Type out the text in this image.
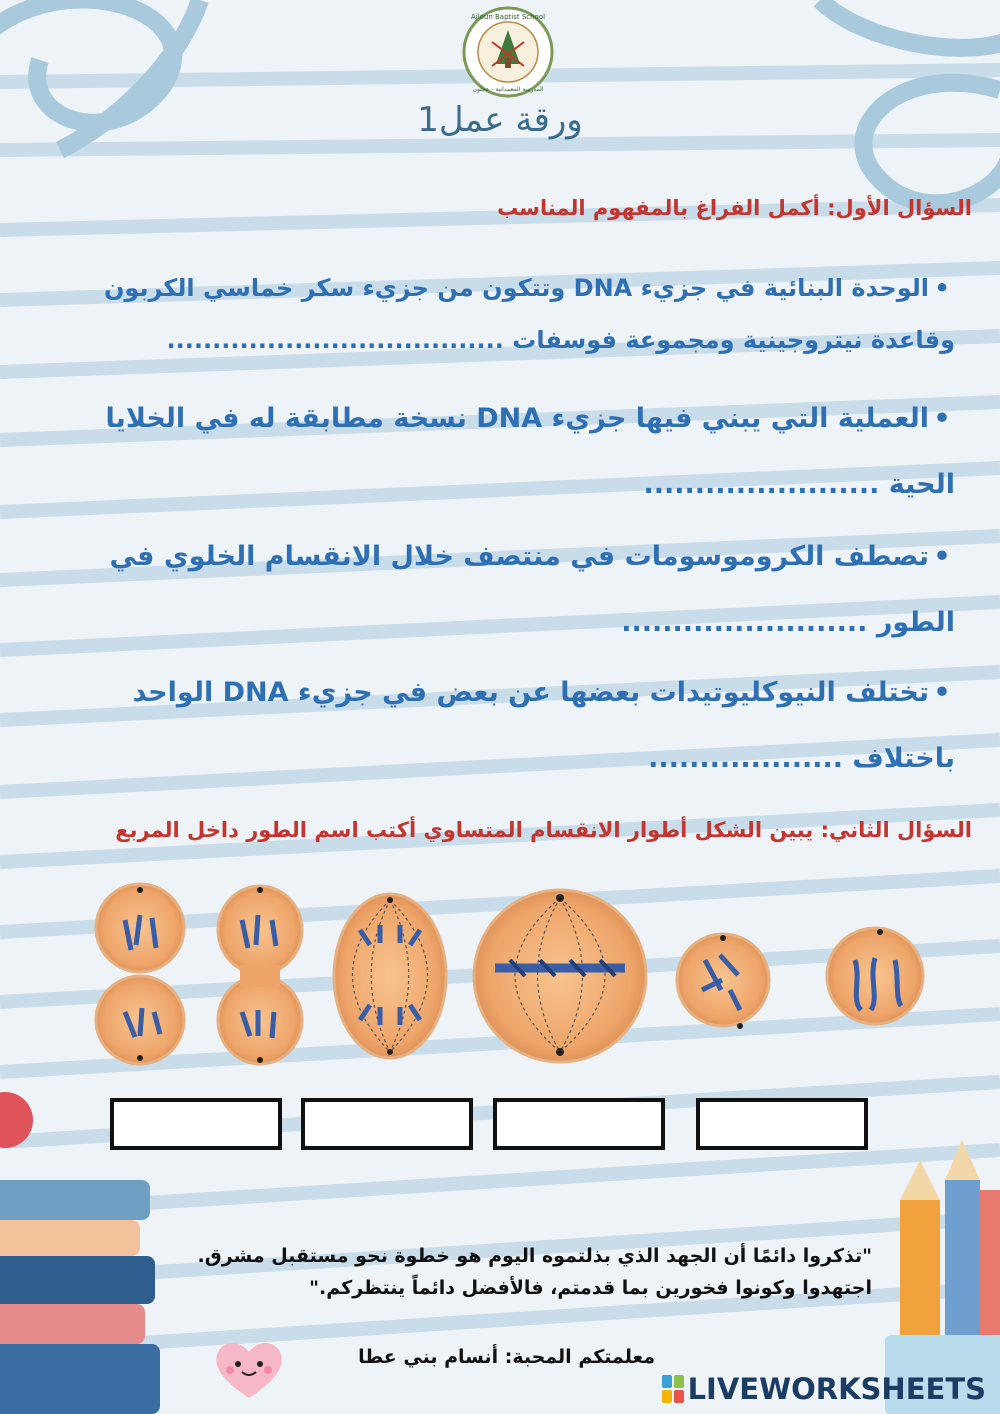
Ajloun Baptist School
المدرسة المعمدانية - عجلون
ورقة عمل1
السؤال الأول: أكمل الفراغ بالمفهوم المناسب
•الوحدة البنائية في جزيء DNA وتتكون من جزيء سكر خماسي الكربون
وقاعدة نيتروجينية ومجموعة فوسفات .....................................
•العملية التي يبني فيها جزيء DNA نسخة مطابقة له في الخلايا
الحية .......................
•تصطف الكروموسومات في منتصف خلال الانقسام الخلوي في
الطور ........................
•تختلف النيوكليوتيدات بعضها عن بعض في جزيء DNA الواحد
باختلاف ...................
السؤال الثاني: يبين الشكل أطوار الانقسام المتساوي أكتب اسم الطور داخل المربع
"تذكروا دائمًا أن الجهد الذي بذلتموه اليوم هو خطوة نحو مستقبل مشرق.
اجتهدوا وكونوا فخورين بما قدمتم، فالأفضل دائماً ينتظركم."
معلمتكم المحبة: أنسام بني عطا
LIVEWORKSHEETS
